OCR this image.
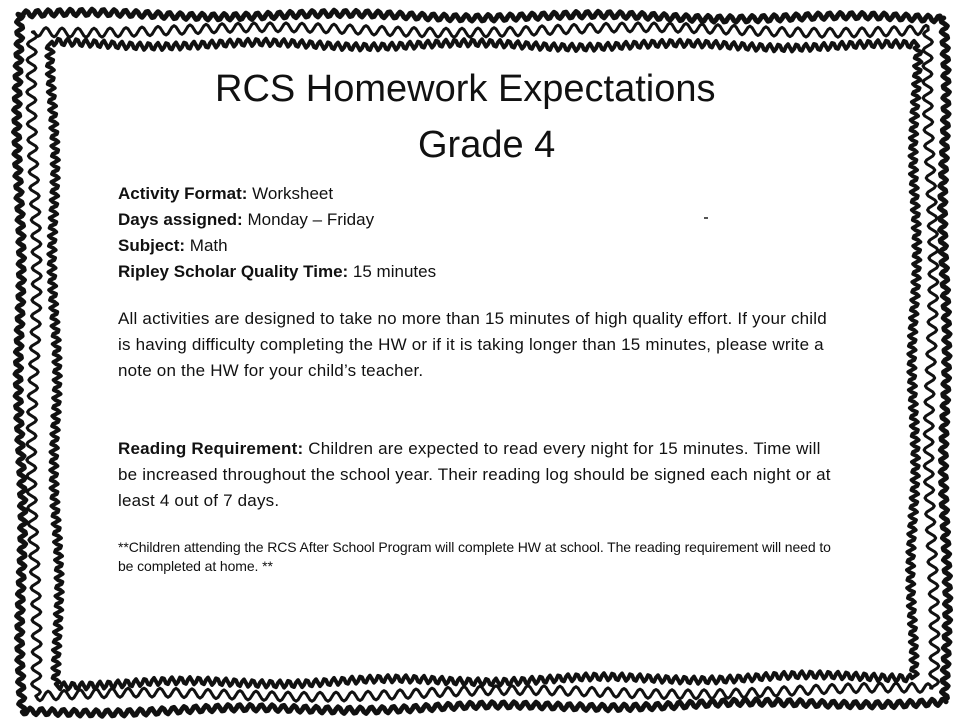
RCS Homework Expectations
Grade 4
Activity Format: Worksheet
Days assigned: Monday – Friday
Subject: Math
Ripley Scholar Quality Time: 15 minutes
All activities are designed to take no more than 15 minutes of high quality effort. If your child is having difficulty completing the HW or if it is taking longer than 15 minutes, please write a note on the HW for your child’s teacher.
Reading Requirement: Children are expected to read every night for 15 minutes. Time will be increased throughout the school year. Their reading log should be signed each night or at least 4 out of 7 days.
**Children attending the RCS After School Program will complete HW at school. The reading requirement will need to be completed at home. **
